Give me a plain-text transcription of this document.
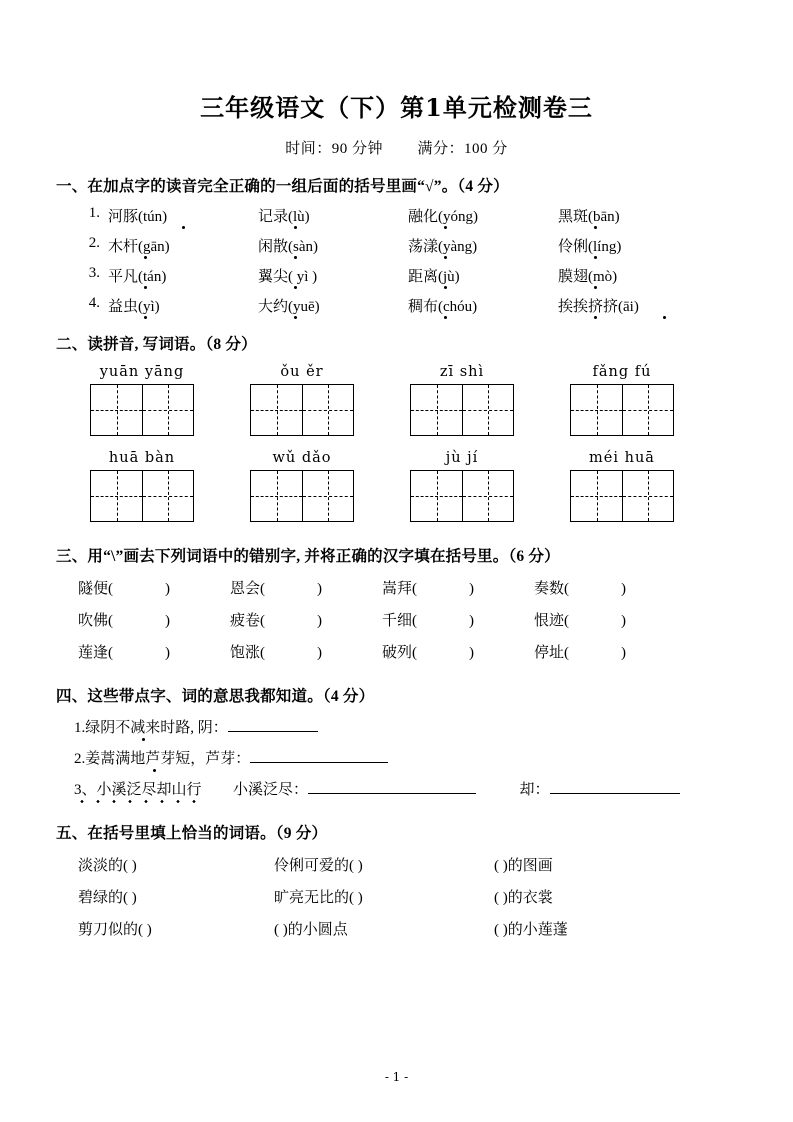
三年级语文（下）第1单元检测卷三
时间：90 分钟 满分：100 分
一、在加点字的读音完全正确的一组后面的括号里画“√”。（4 分）
1. 河豚(tún)	记录(lù)	融化(yóng)	黑斑(bān)
2. 木杆(gān)	闲散(sàn)	荡漾(yàng)	伶俐(líng)
3. 平凡(tán)	翼尖( yì )	距离(jù)	膜翅(mò)
4. 益虫(yì)	大约(yuē)	稠布(chóu)	挨挨挤挤(āi)
二、读拼音, 写词语。（8 分）
yuān yāng	ǒu ěr	zī shì	fǎng fú
huā bàn	wǔ dǎo	jù jí	méi huā
三、用“\”画去下列词语中的错别字, 并将正确的汉字填在括号里。（6 分）
隧便(	)	恩会(	)	嵩拜(	)	奏数(	)
吹佛(	)	疲卷(	)	千细(	)	恨迹(	)
莲逢(	)	饱涨(	)	破列(	)	停址(	)
四、这些带点字、词的意思我都知道。（4 分）
1.绿阴不减来时路, 阴：
2.姜蒿满地芦芽短，芦芽：
3、小溪泛尽却山行 小溪泛尽：	却：
五、在括号里填上恰当的词语。（9 分）
淡淡的( )	伶俐可爱的( )	( )的图画
碧绿的( )	旷亮无比的( )	( )的衣裳
剪刀似的( )	( )的小圆点	( )的小莲蓬
- 1 -
